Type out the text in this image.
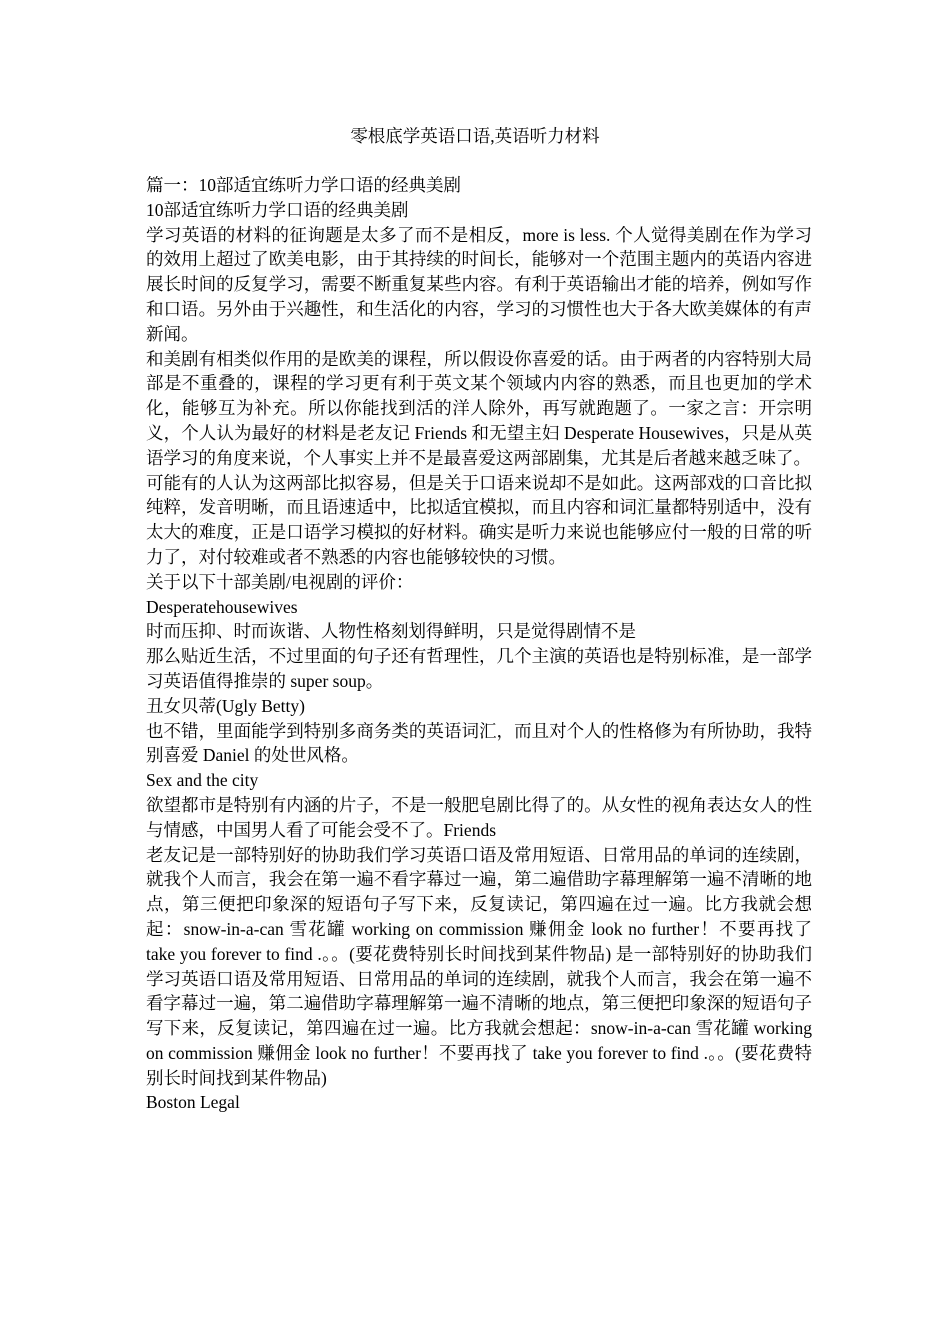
零根底学英语口语,英语听力材料

篇一：10部适宜练听力学口语的经典美剧

10部适宜练听力学口语的经典美剧

学习英语的材料的征询题是太多了而不是相反，more is less. 个人觉得美剧在作为学习的效用上超过了欧美电影，由于其持续的时间长，能够对一个范围主题内的英语内容进展长时间的反复学习，需要不断重复某些内容。有利于英语输出才能的培养，例如写作和口语。另外由于兴趣性，和生活化的内容，学习的习惯性也大于各大欧美媒体的有声新闻。

和美剧有相类似作用的是欧美的课程，所以假设你喜爱的话。由于两者的内容特别大局部是不重叠的，课程的学习更有利于英文某个领域内内容的熟悉，而且也更加的学术化，能够互为补充。所以你能找到活的洋人除外，再写就跑题了。一家之言：开宗明义，个人认为最好的材料是老友记 Friends 和无望主妇 Desperate Housewives，只是从英语学习的角度来说，个人事实上并不是最喜爱这两部剧集，尤其是后者越来越乏味了。

可能有的人认为这两部比拟容易，但是关于口语来说却不是如此。这两部戏的口音比拟纯粹，发音明晰，而且语速适中，比拟适宜模拟，而且内容和词汇量都特别适中，没有太大的难度，正是口语学习模拟的好材料。确实是听力来说也能够应付一般的日常的听力了，对付较难或者不熟悉的内容也能够较快的习惯。

关于以下十部美剧/电视剧的评价：

Desperatehousewives

时而压抑、时而诙谐、人物性格刻划得鲜明，只是觉得剧情不是

那么贴近生活，不过里面的句子还有哲理性，几个主演的英语也是特别标准，是一部学习英语值得推崇的 super soup。

丑女贝蒂(Ugly Betty)

也不错，里面能学到特别多商务类的英语词汇，而且对个人的性格修为有所协助，我特别喜爱 Daniel 的处世风格。

Sex and the city

欲望都市是特别有内涵的片子，不是一般肥皂剧比得了的。从女性的视角表达女人的性与情感，中国男人看了可能会受不了。Friends

老友记是一部特别好的协助我们学习英语口语及常用短语、日常用品的单词的连续剧，就我个人而言，我会在第一遍不看字幕过一遍，第二遍借助字幕理解第一遍不清晰的地点，第三便把印象深的短语句子写下来，反复读记，第四遍在过一遍。比方我就会想起：snow-in-a-can 雪花罐 working on commission 赚佣金 look no further！不要再找了 take you forever to find .。。(要花费特别长时间找到某件物品) 是一部特别好的协助我们学习英语口语及常用短语、日常用品的单词的连续剧，就我个人而言，我会在第一遍不看字幕过一遍，第二遍借助字幕理解第一遍不清晰的地点，第三便把印象深的短语句子写下来，反复读记，第四遍在过一遍。比方我就会想起：snow-in-a-can 雪花罐 working on commission 赚佣金 look no further！不要再找了 take you forever to find .。。(要花费特别长时间找到某件物品)

Boston Legal
